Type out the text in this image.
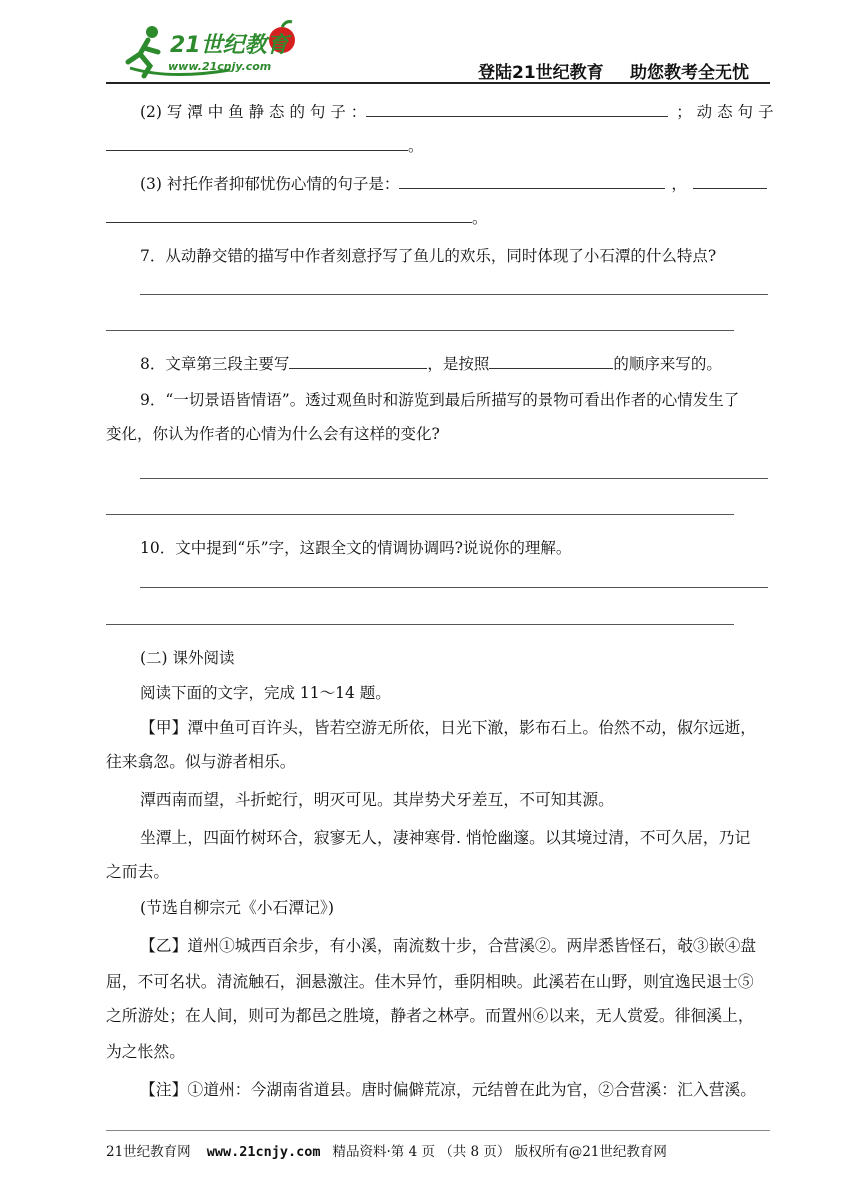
21世纪教育
www.21cnjy.com	登陆21世纪教育 助您教考全无忧
(2) 写 潭 中 鱼 静 态 的 句 子 ：	； 动 态 句 子
。
(3) 衬托作者抑郁忧伤心情的句子是：	，
。
7．从动静交错的描写中作者刻意抒写了鱼儿的欢乐，同时体现了小石潭的什么特点?
8．文章第三段主要写	，是按照	的顺序来写的。
9．“一切景语皆情语”。透过观鱼时和游览到最后所描写的景物可看出作者的心情发生了
变化，你认为作者的心情为什么会有这样的变化?
10．文中提到“乐”字，这跟全文的情调协调吗?说说你的理解。
(二) 课外阅读
阅读下面的文字，完成 11～14 题。
【甲】潭中鱼可百许头，皆若空游无所依，日光下澈，影布石上。佁然不动，俶尔远逝，
往来翕忽。似与游者相乐。
潭西南而望，斗折蛇行，明灭可见。其岸势犬牙差互，不可知其源。
坐潭上，四面竹树环合，寂寥无人，凄神寒骨. 悄怆幽邃。以其境过清，不可久居，乃记
之而去。
(节选自柳宗元《小石潭记》)
【乙】道州①城西百余步，有小溪，南流数十步，合营溪②。两岸悉皆怪石，攲③嵌④盘
屈，不可名状。清流触石，洄悬激注。佳木异竹，垂阴相映。此溪若在山野，则宜逸民退士⑤
之所游处；在人间，则可为都邑之胜境，静者之林亭。而置州⑥以来，无人赏爱。徘徊溪上，
为之怅然。
【注】①道州：今湖南省道县。唐时偏僻荒凉，元结曾在此为官，②合营溪：汇入营溪。
21世纪教育网 www.21cnjy.com 精品资料·第 4 页 （共 8 页） 版权所有@21世纪教育网
